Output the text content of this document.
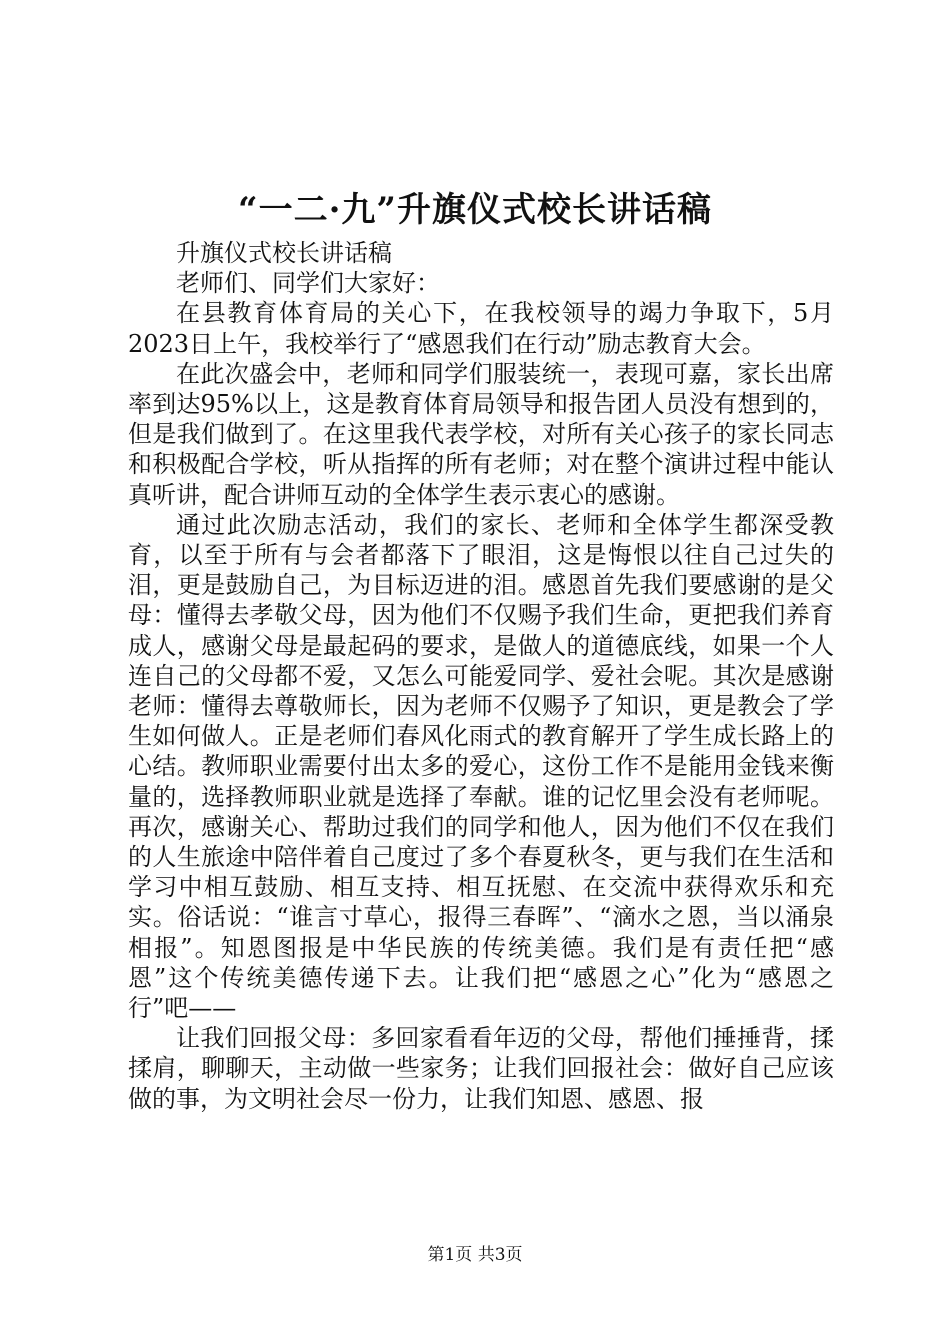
“一二·九”升旗仪式校长讲话稿

升旗仪式校长讲话稿

老师们、同学们大家好：

在县教育体育局的关心下，在我校领导的竭力争取下，5月2023日上午，我校举行了“感恩我们在行动”励志教育大会。

在此次盛会中，老师和同学们服装统一，表现可嘉，家长出席率到达95%以上，这是教育体育局领导和报告团人员没有想到的，但是我们做到了。在这里我代表学校，对所有关心孩子的家长同志和积极配合学校，听从指挥的所有老师；对在整个演讲过程中能认真听讲，配合讲师互动的全体学生表示衷心的感谢。

通过此次励志活动，我们的家长、老师和全体学生都深受教育，以至于所有与会者都落下了眼泪，这是悔恨以往自己过失的泪，更是鼓励自己，为目标迈进的泪。感恩首先我们要感谢的是父母：懂得去孝敬父母，因为他们不仅赐予我们生命，更把我们养育成人，感谢父母是最起码的要求，是做人的道德底线，如果一个人连自己的父母都不爱，又怎么可能爱同学、爱社会呢。其次是感谢老师：懂得去尊敬师长，因为老师不仅赐予了知识，更是教会了学生如何做人。正是老师们春风化雨式的教育解开了学生成长路上的心结。教师职业需要付出太多的爱心，这份工作不是能用金钱来衡量的，选择教师职业就是选择了奉献。谁的记忆里会没有老师呢。再次，感谢关心、帮助过我们的同学和他人，因为他们不仅在我们的人生旅途中陪伴着自己度过了多个春夏秋冬，更与我们在生活和学习中相互鼓励、相互支持、相互抚慰、在交流中获得欢乐和充实。俗话说：“谁言寸草心，报得三春晖”、“滴水之恩，当以涌泉相报”。知恩图报是中华民族的传统美德。我们是有责任把“感恩”这个传统美德传递下去。让我们把“感恩之心”化为“感恩之行”吧——

让我们回报父母：多回家看看年迈的父母，帮他们捶捶背，揉揉肩，聊聊天，主动做一些家务；让我们回报社会：做好自己应该做的事，为文明社会尽一份力，让我们知恩、感恩、报

第1页 共3页
